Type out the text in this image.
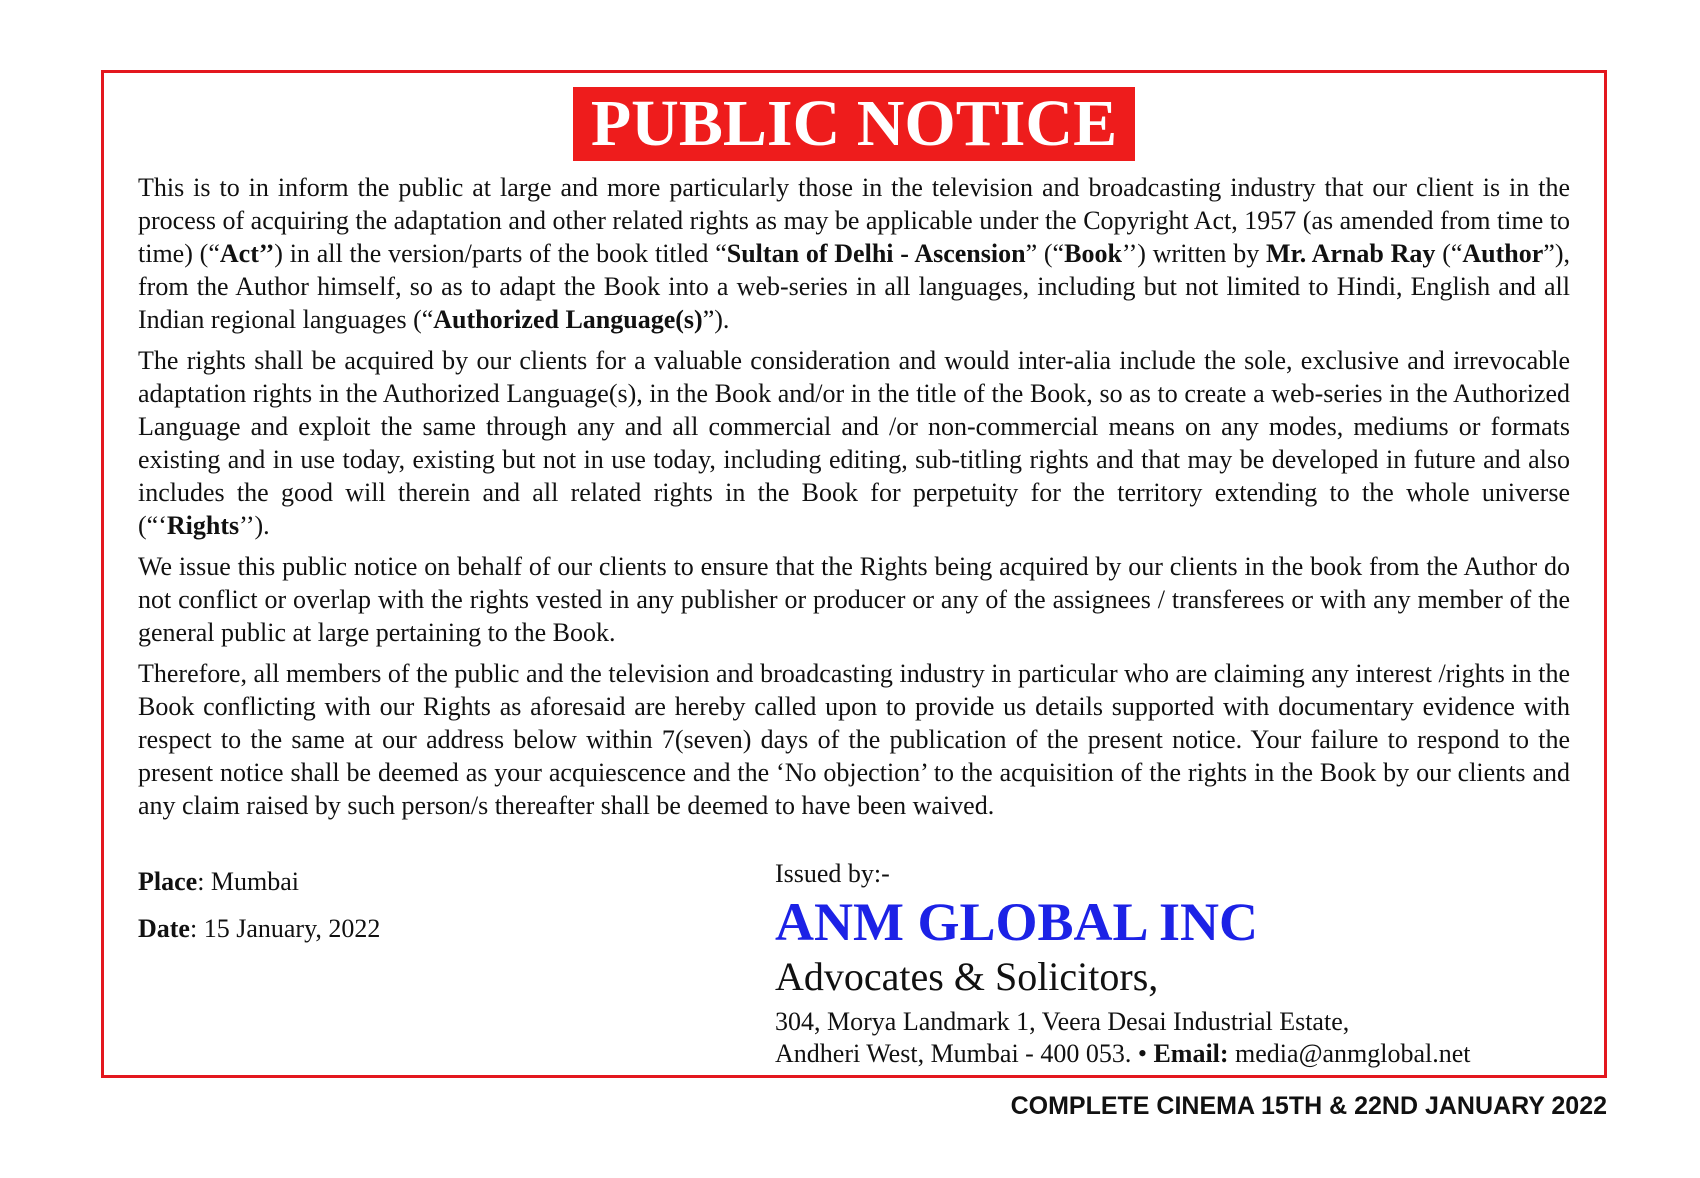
PUBLIC NOTICE

This is to in inform the public at large and more particularly those in the television and broadcasting industry that our client is in the process of acquiring the adaptation and other related rights as may be applicable under the Copyright Act, 1957 (as amended from time to time) (“Act’’) in all the version/parts of the book titled “Sultan of Delhi - Ascension” (“Book’’) written by Mr. Arnab Ray (“Author”), from the Author himself, so as to adapt the Book into a web-series in all languages, including but not limited to Hindi, English and all Indian regional languages (“Authorized Language(s)”).

The rights shall be acquired by our clients for a valuable consideration and would inter-alia include the sole, exclusive and irrevocable adaptation rights in the Authorized Language(s), in the Book and/or in the title of the Book, so as to create a web-series in the Authorized Language and exploit the same through any and all commercial and /or non-commercial means on any modes, mediums or formats existing and in use today, existing but not in use today, including editing, sub-titling rights and that may be developed in future and also includes the good will therein and all related rights in the Book for perpetuity for the territory extending to the whole universe (“‘Rights’’).

We issue this public notice on behalf of our clients to ensure that the Rights being acquired by our clients in the book from the Author do not conflict or overlap with the rights vested in any publisher or producer or any of the assignees / transferees or with any member of the general public at large pertaining to the Book.

Therefore, all members of the public and the television and broadcasting industry in particular who are claiming any interest /rights in the Book conflicting with our Rights as aforesaid are hereby called upon to provide us details supported with documentary evidence with respect to the same at our address below within 7(seven) days of the publication of the present notice. Your failure to respond to the present notice shall be deemed as your acquiescence and the ‘No objection’ to the acquisition of the rights in the Book by our clients and any claim raised by such person/s thereafter shall be deemed to have been waived.

Place: Mumbai
Date: 15 January, 2022
Issued by:-
ANM GLOBAL INC
Advocates & Solicitors,
304, Morya Landmark 1, Veera Desai Industrial Estate,
Andheri West, Mumbai - 400 053. • Email: media@anmglobal.net
COMPLETE CINEMA 15TH & 22ND JANUARY 2022
